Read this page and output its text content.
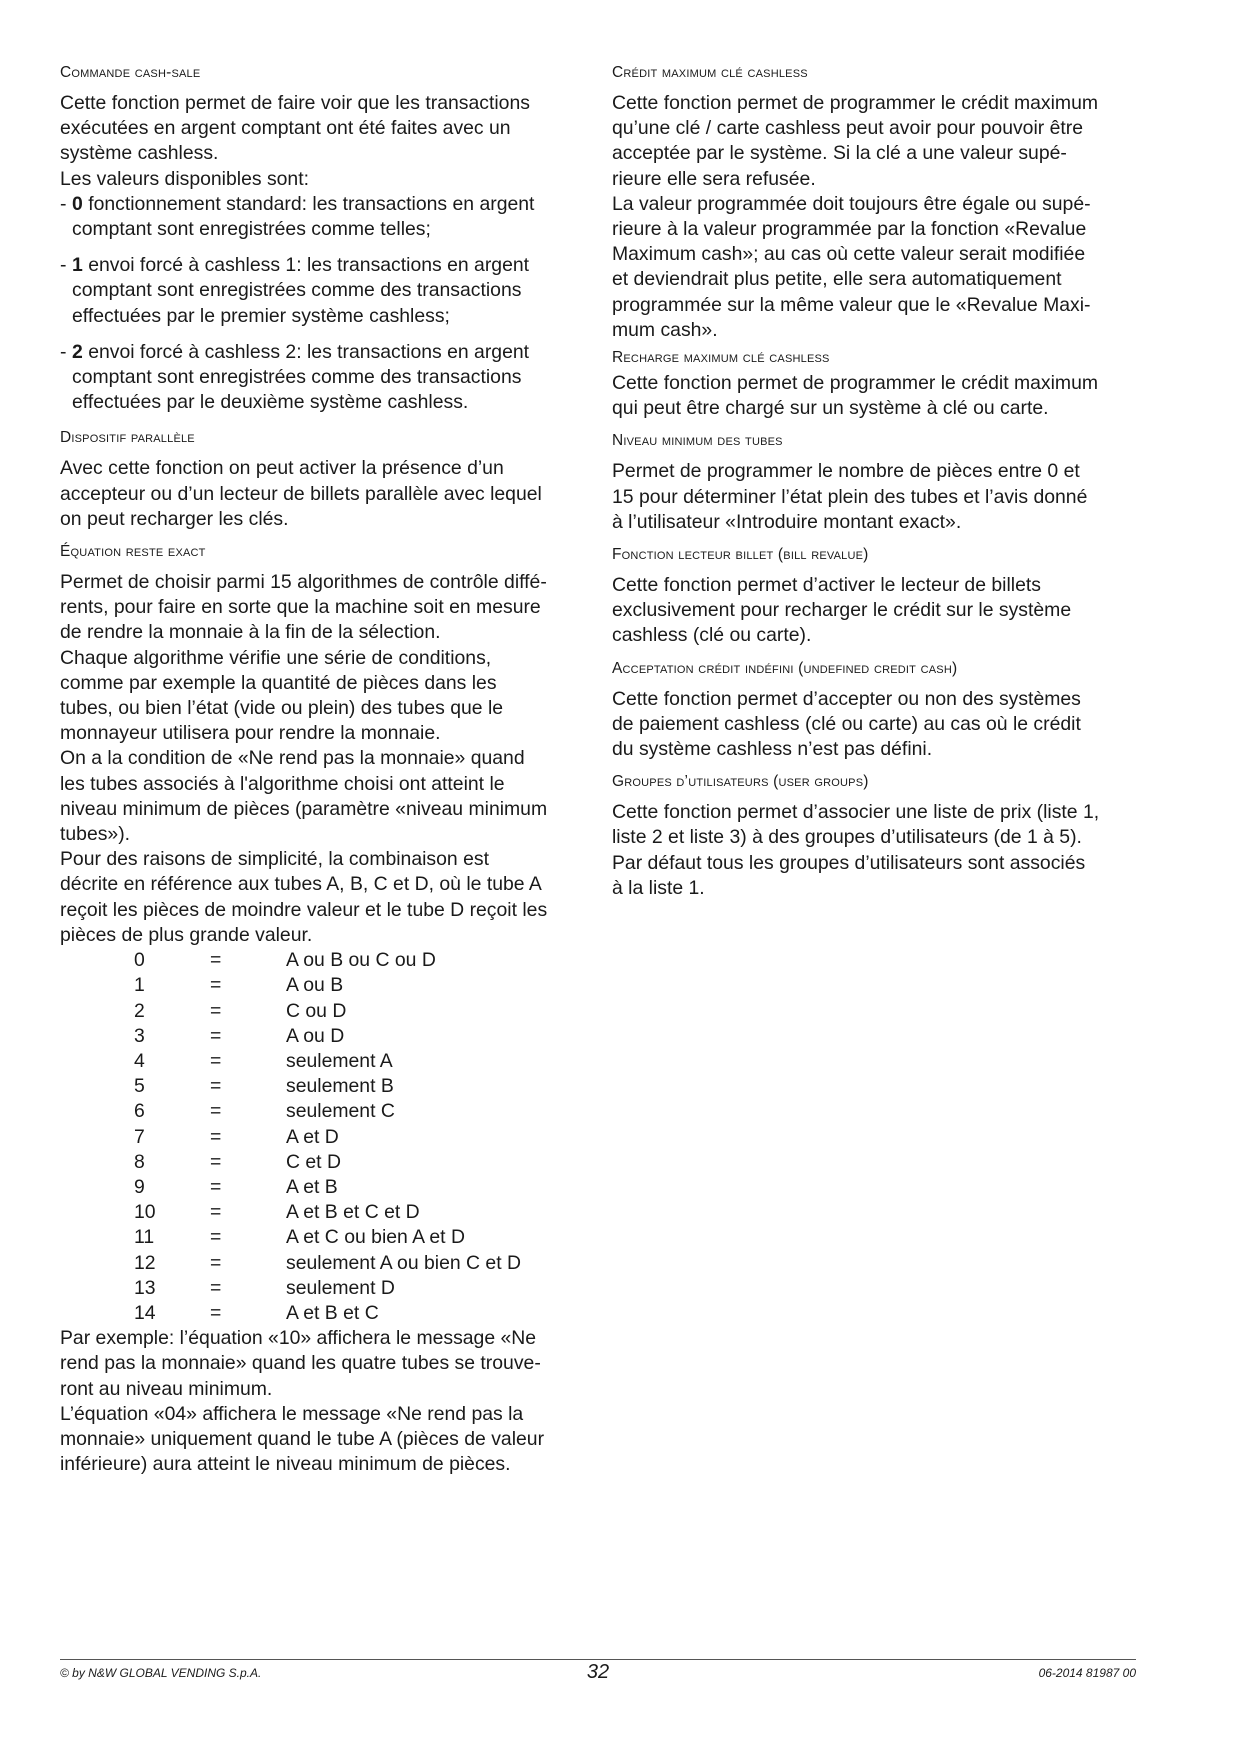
Commande cash-sale
Cette fonction permet de faire voir que les transactions
exécutées en argent comptant ont été faites avec un
système cashless.
Les valeurs disponibles sont:
- 0 fonctionnement standard: les transactions en argent
comptant sont enregistrées comme telles;
- 1 envoi forcé à cashless 1: les transactions en argent
comptant sont enregistrées comme des transactions
effectuées par le premier système cashless;
- 2 envoi forcé à cashless 2: les transactions en argent
comptant sont enregistrées comme des transactions
effectuées par le deuxième système cashless.
Dispositif parallèle
Avec cette fonction on peut activer la présence d’un
accepteur ou d’un lecteur de billets parallèle avec lequel
on peut recharger les clés.
Équation reste exact
Permet de choisir parmi 15 algorithmes de contrôle diffé-
rents, pour faire en sorte que la machine soit en mesure
de rendre la monnaie à la fin de la sélection.
Chaque algorithme vérifie une série de conditions,
comme par exemple la quantité de pièces dans les
tubes, ou bien l’état (vide ou plein) des tubes que le
monnayeur utilisera pour rendre la monnaie.
On a la condition de «Ne rend pas la monnaie» quand
les tubes associés à l'algorithme choisi ont atteint le
niveau minimum de pièces (paramètre «niveau minimum
tubes»).
Pour des raisons de simplicité, la combinaison est
décrite en référence aux tubes A, B, C et D, où le tube A
reçoit les pièces de moindre valeur et le tube D reçoit les
pièces de plus grande valeur.
0	=	A ou B ou C ou D
1	=	A ou B
2	=	C ou D
3	=	A ou D
4	=	seulement A
5	=	seulement B
6	=	seulement C
7	=	A et D
8	=	C et D
9	=	A et B
10	=	A et B et C et D
11	=	A et C ou bien A et D
12	=	seulement A ou bien C et D
13	=	seulement D
14	=	A et B et C
Par exemple: l’équation «10» affichera le message «Ne
rend pas la monnaie» quand les quatre tubes se trouve-
ront au niveau minimum.
L’équation «04» affichera le message «Ne rend pas la
monnaie» uniquement quand le tube A (pièces de valeur
inférieure) aura atteint le niveau minimum de pièces.
Crédit maximum clé cashless
Cette fonction permet de programmer le crédit maximum
qu’une clé / carte cashless peut avoir pour pouvoir être
acceptée par le système. Si la clé a une valeur supé-
rieure elle sera refusée.
La valeur programmée doit toujours être égale ou supé-
rieure à la valeur programmée par la fonction «Revalue
Maximum cash»; au cas où cette valeur serait modifiée
et deviendrait plus petite, elle sera automatiquement
programmée sur la même valeur que le «Revalue Maxi-
mum cash».
Recharge maximum clé cashless
Cette fonction permet de programmer le crédit maximum
qui peut être chargé sur un système à clé ou carte.
Niveau minimum des tubes
Permet de programmer le nombre de pièces entre 0 et
15 pour déterminer l’état plein des tubes et l’avis donné
à l’utilisateur «Introduire montant exact».
Fonction lecteur billet (bill revalue)
Cette fonction permet d’activer le lecteur de billets
exclusivement pour recharger le crédit sur le système
cashless (clé ou carte).
Acceptation crédit indéfini (undefined credit cash)
Cette fonction permet d’accepter ou non des systèmes
de paiement cashless (clé ou carte) au cas où le crédit
du système cashless n’est pas défini.
Groupes d’utilisateurs (user groups)
Cette fonction permet d’associer une liste de prix (liste 1,
liste 2 et liste 3) à des groupes d’utilisateurs (de 1 à 5).
Par défaut tous les groupes d’utilisateurs sont associés
à la liste 1.
© by N&W GLOBAL VENDING S.p.A.	32	06-2014 81987 00
